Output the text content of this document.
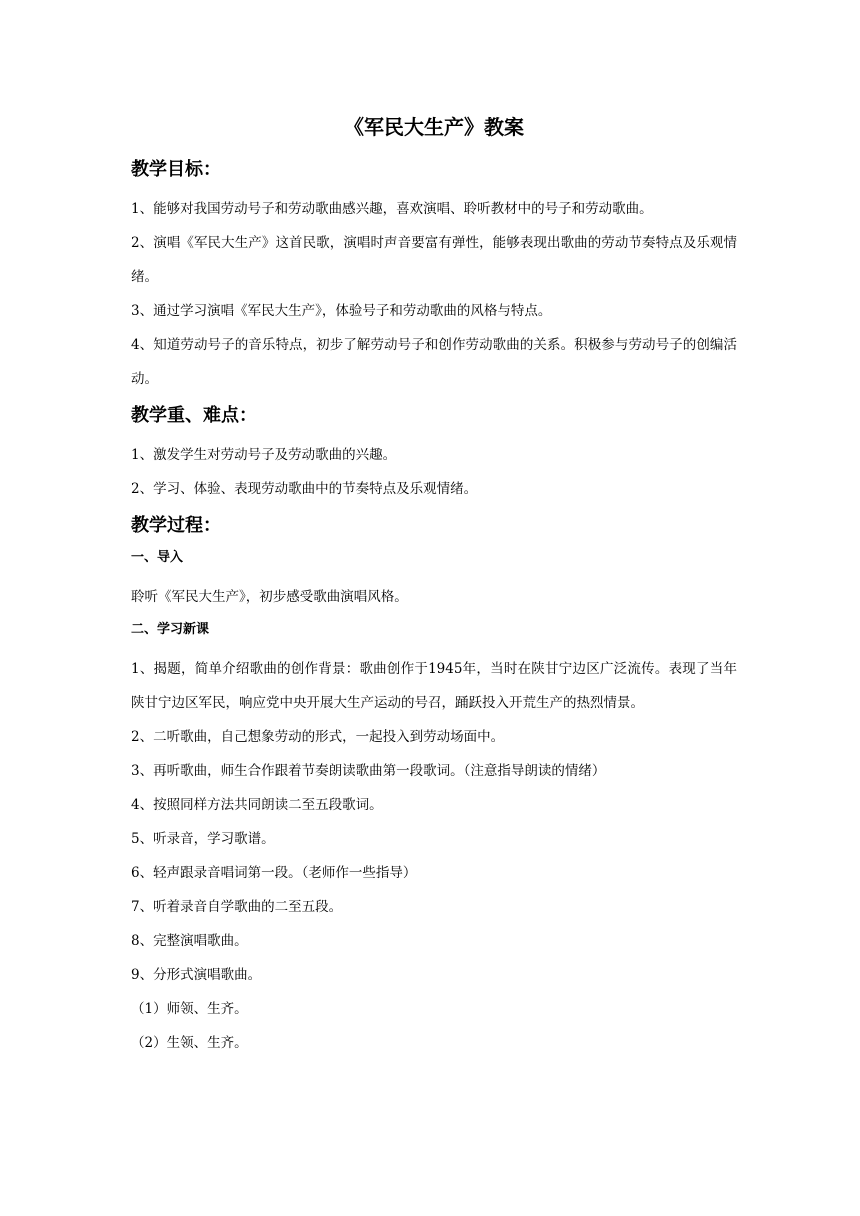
《军民大生产》教案
教学目标：

1、能够对我国劳动号子和劳动歌曲感兴趣，喜欢演唱、聆听教材中的号子和劳动歌曲。

2、演唱《军民大生产》这首民歌，演唱时声音要富有弹性，能够表现出歌曲的劳动节奏特点及乐观情绪。

3、通过学习演唱《军民大生产》，体验号子和劳动歌曲的风格与特点。

4、知道劳动号子的音乐特点，初步了解劳动号子和创作劳动歌曲的关系。积极参与劳动号子的创编活动。

教学重、难点：

1、激发学生对劳动号子及劳动歌曲的兴趣。

2、学习、体验、表现劳动歌曲中的节奏特点及乐观情绪。

教学过程：
一、导入

聆听《军民大生产》，初步感受歌曲演唱风格。

二、学习新课

1、揭题，简单介绍歌曲的创作背景：歌曲创作于1945年，当时在陕甘宁边区广泛流传。表现了当年陕甘宁边区军民，响应党中央开展大生产运动的号召，踊跃投入开荒生产的热烈情景。

2、二听歌曲，自己想象劳动的形式，一起投入到劳动场面中。

3、再听歌曲，师生合作跟着节奏朗读歌曲第一段歌词。（注意指导朗读的情绪）

4、按照同样方法共同朗读二至五段歌词。

5、听录音，学习歌谱。

6、轻声跟录音唱词第一段。（老师作一些指导）

7、听着录音自学歌曲的二至五段。

8、完整演唱歌曲。

9、分形式演唱歌曲。

（1）师领、生齐。

（2）生领、生齐。
